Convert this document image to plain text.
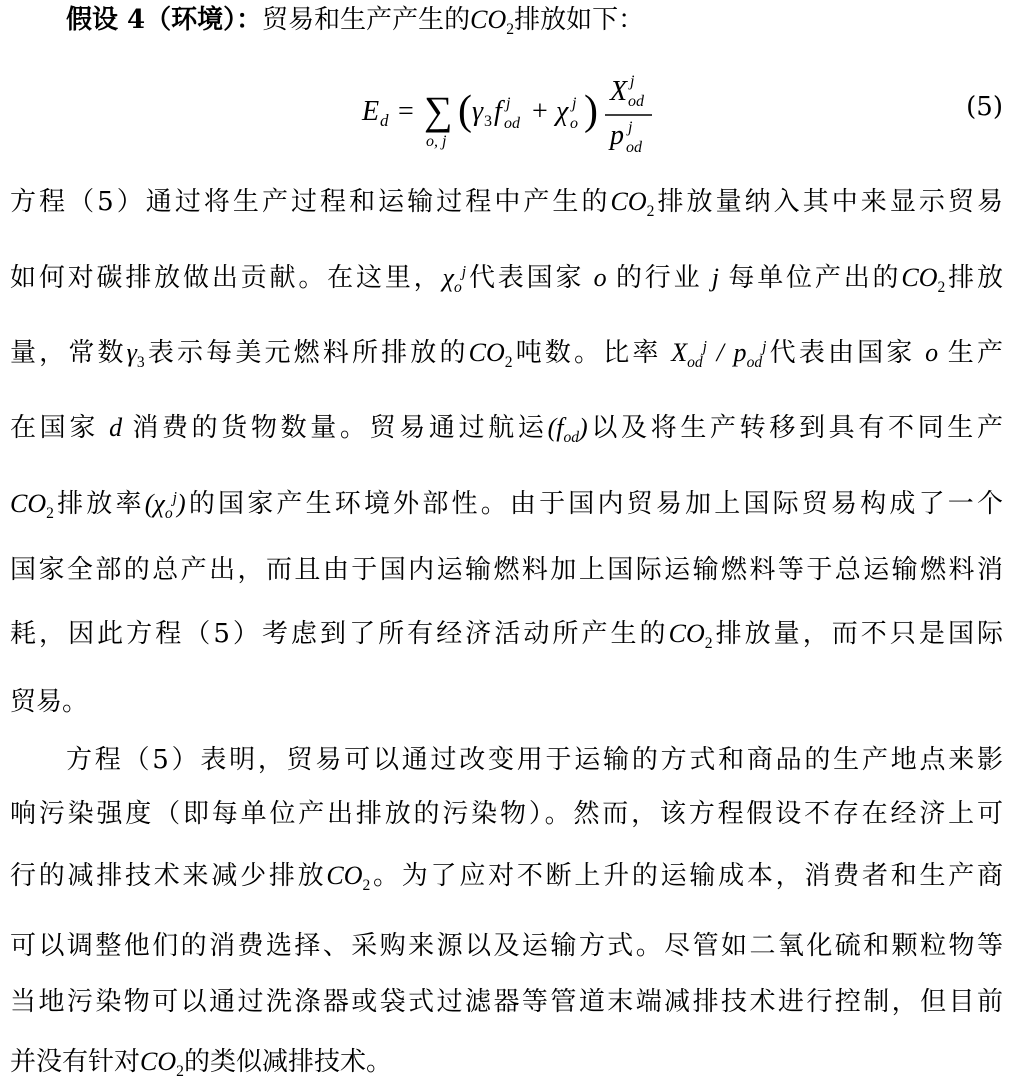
假设 4（环境）：贸易和生产产生的$CO_2$排放如下：
E d = ∑
o, j
( γ 3 f j
od + χ j
o ) X j
od
p j
od
(5)
方程（5）通过将生产过程和运输过程中产生的$CO_2$排放量纳入其中来显示贸易
如何对碳排放做出贡献。在这里，$\chi_o^j$代表国家 o 的行业 j 每单位产出的$CO_2$排放
量，常数$\gamma_3$表示每美元燃料所排放的$CO_2$吨数。比率 $X_{od}^j / p_{od}^j$代表由国家 o 生产
在国家 d 消费的货物数量。贸易通过航运$(f_{od})$以及将生产转移到具有不同生产
$CO_2$排放率$(\chi_o^j)$的国家产生环境外部性。由于国内贸易加上国际贸易构成了一个
国家全部的总产出，而且由于国内运输燃料加上国际运输燃料等于总运输燃料消
耗，因此方程（5）考虑到了所有经济活动所产生的$CO_2$排放量，而不只是国际
贸易。
方程（5）表明，贸易可以通过改变用于运输的方式和商品的生产地点来影
响污染强度（即每单位产出排放的污染物）。然而，该方程假设不存在经济上可
行的减排技术来减少排放$CO_2$。为了应对不断上升的运输成本，消费者和生产商
可以调整他们的消费选择、采购来源以及运输方式。尽管如二氧化硫和颗粒物等
当地污染物可以通过洗涤器或袋式过滤器等管道末端减排技术进行控制，但目前
并没有针对$CO_2$的类似减排技术。
